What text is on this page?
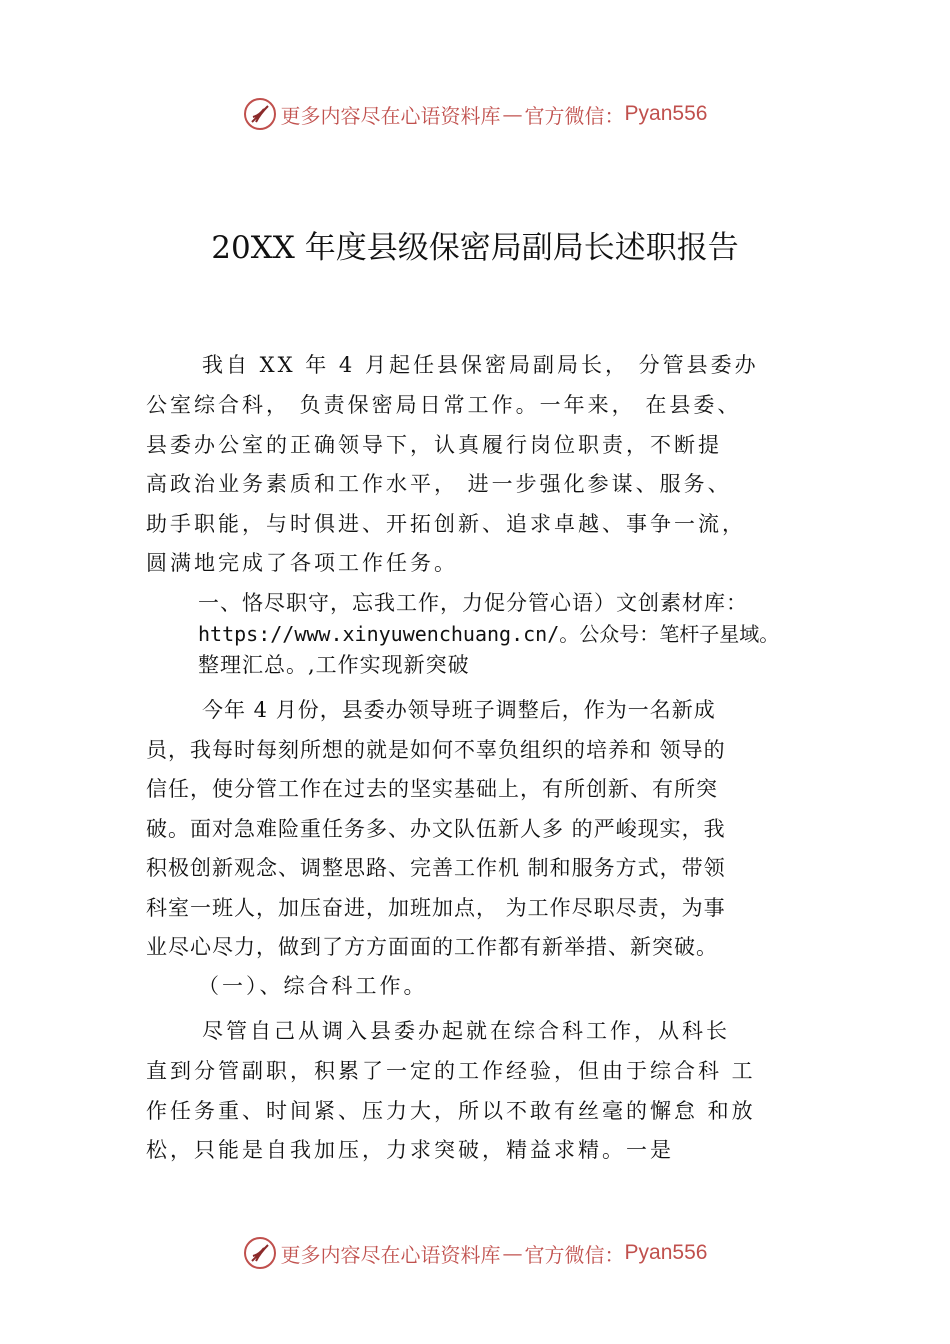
更多内容尽在心语资料库 — 官方微信： Pyan556
20XX 年度县级保密局副局长述职报告
我自 XX 年 4 月起任县保密局副局长， 分管县委办
公室综合科， 负责保密局日常工作。一年来， 在县委、
县委办公室的正确领导下，认真履行岗位职责，不断提
高政治业务素质和工作水平， 进一步强化参谋、服务、
助手职能，与时俱进、开拓创新、追求卓越、事争一流，
圆满地完成了各项工作任务。
一、恪尽职守，忘我工作，力促分管心语）文创素材库：
https://www.xinyuwenchuang.cn/。公众号：笔杆子星域。
整理汇总。,工作实现新突破
今年 4 月份，县委办领导班子调整后，作为一名新成
员，我每时每刻所想的就是如何不辜负组织的培养和 领导的
信任，使分管工作在过去的坚实基础上，有所创新、有所突
破。面对急难险重任务多、办文队伍新人多 的严峻现实，我
积极创新观念、调整思路、完善工作机 制和服务方式，带领
科室一班人，加压奋进，加班加点， 为工作尽职尽责，为事
业尽心尽力，做到了方方面面的工作都有新举措、新突破。
（一）、综合科工作。
尽管自己从调入县委办起就在综合科工作，从科长
直到分管副职，积累了一定的工作经验，但由于综合科 工
作任务重、时间紧、压力大，所以不敢有丝毫的懈怠 和放
松，只能是自我加压，力求突破，精益求精。一是
更多内容尽在心语资料库 — 官方微信： Pyan556
